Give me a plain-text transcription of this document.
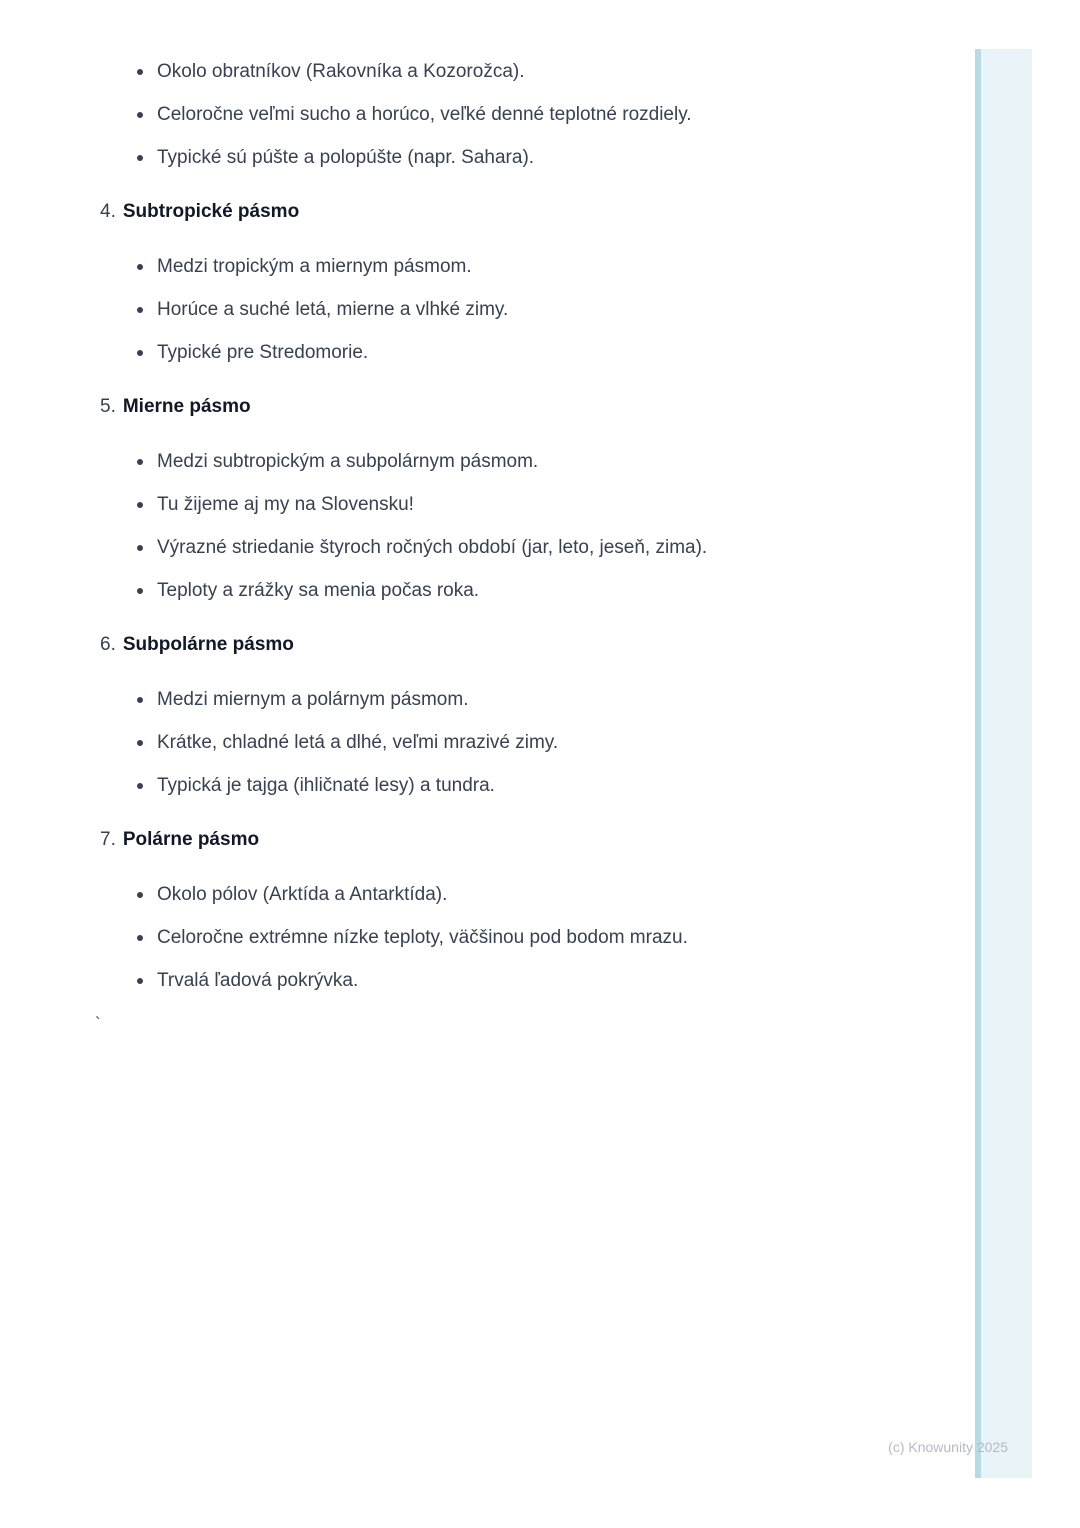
Okolo obratníkov (Rakovníka a Kozorožca).
Celoročne veľmi sucho a horúco, veľké denné teplotné rozdiely.
Typické sú púšte a polopúšte (napr. Sahara).

4. Subtropické pásmo

Medzi tropickým a miernym pásmom.
Horúce a suché letá, mierne a vlhké zimy.
Typické pre Stredomorie.

5. Mierne pásmo

Medzi subtropickým a subpolárnym pásmom.
Tu žijeme aj my na Slovensku!
Výrazné striedanie štyroch ročných období (jar, leto, jeseň, zima).
Teploty a zrážky sa menia počas roka.

6. Subpolárne pásmo

Medzi miernym a polárnym pásmom.
Krátke, chladné letá a dlhé, veľmi mrazivé zimy.
Typická je tajga (ihličnaté lesy) a tundra.

7. Polárne pásmo

Okolo pólov (Arktída a Antarktída).
Celoročne extrémne nízke teploty, väčšinou pod bodom mrazu.
Trvalá ľadová pokrývka.

`

(c) Knowunity 2025
